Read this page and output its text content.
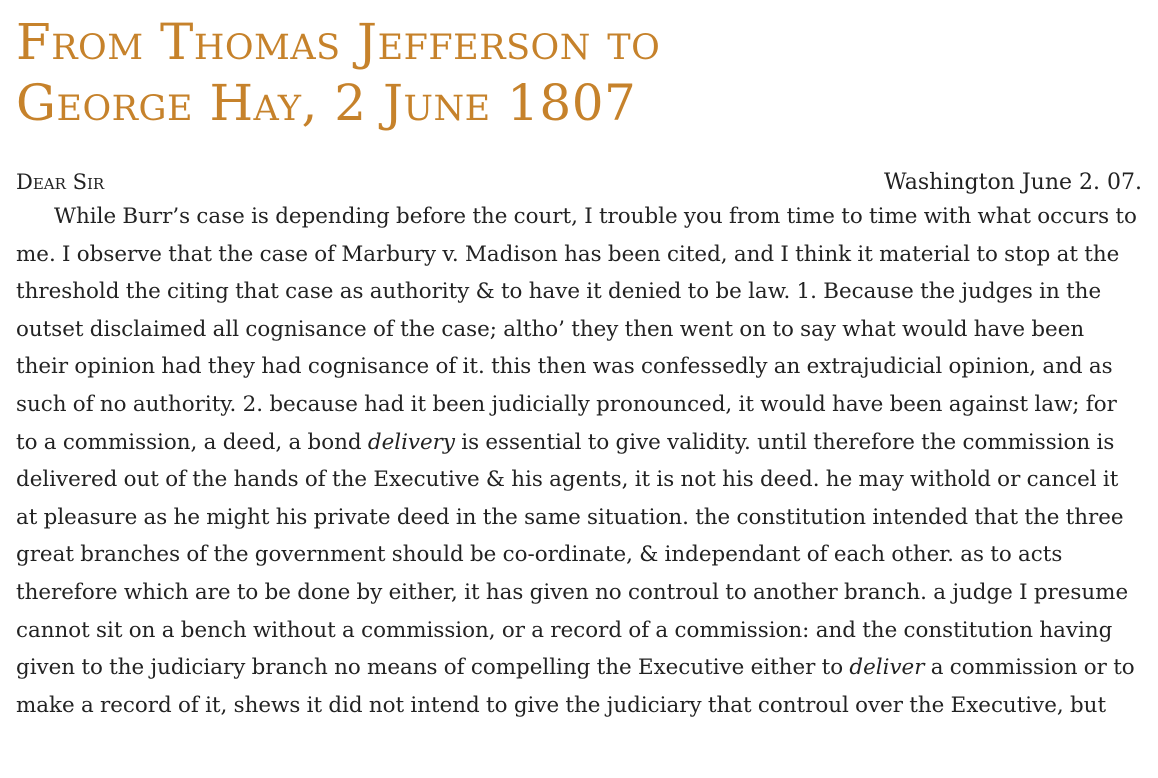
From Thomas Jefferson to
George Hay, 2 June 1807
Dear Sir	Washington June 2. 07.

While Burr’s case is depending before the court, I trouble you from time to time with what occurs to me. I observe that the case of Marbury v. Madison has been cited, and I think it material to stop at the threshold the citing that case as authority & to have it denied to be law. 1. Because the judges in the outset disclaimed all cognisance of the case; altho’ they then went on to say what would have been their opinion had they had cognisance of it. this then was confessedly an extrajudicial opinion, and as such of no authority. 2. because had it been judicially pronounced, it would have been against law; for to a commission, a deed, a bond delivery is essential to give validity. until therefore the commission is delivered out of the hands of the Executive & his agents, it is not his deed. he may withold or cancel it at pleasure as he might his private deed in the same situation. the constitution intended that the three great branches of the government should be co-ordinate, & independant of each other. as to acts therefore which are to be done by either, it has given no controul to another branch. a judge I presume cannot sit on a bench without a commission, or a record of a commission: and the constitution having given to the judiciary branch no means of compelling the Executive either to deliver a commission or to make a record of it, shews it did not intend to give the judiciary that controul over the Executive, but
